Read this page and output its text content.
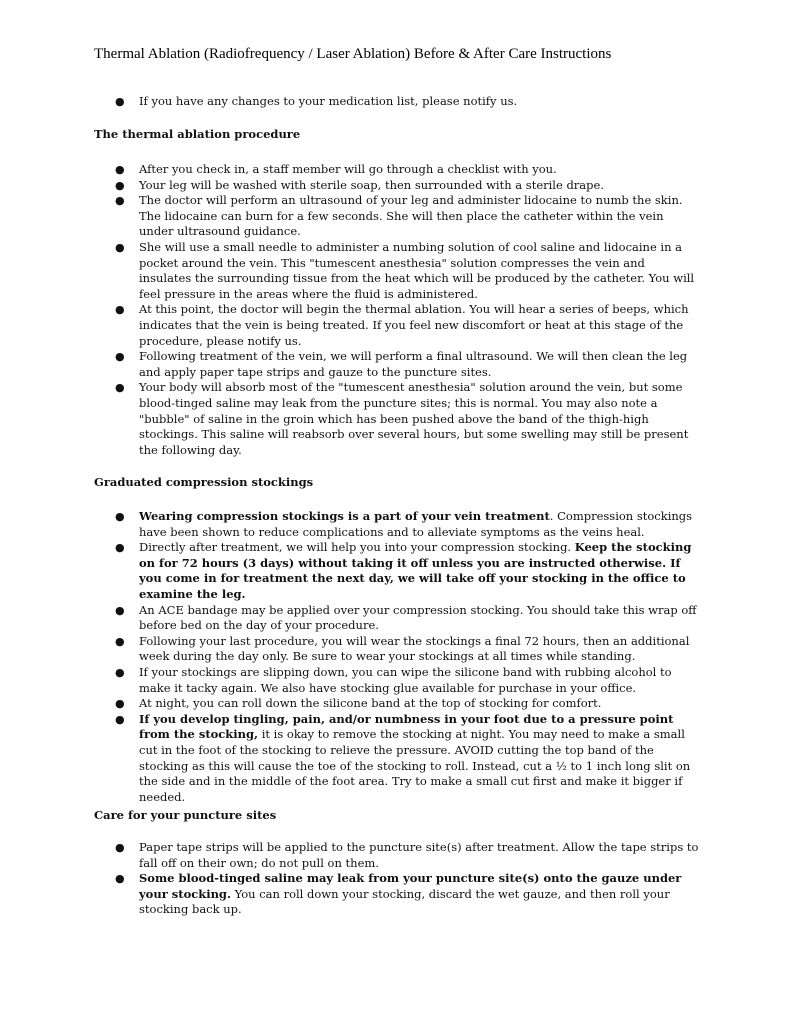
Thermal Ablation (Radiofrequency / Laser Ablation) Before & After Care Instructions
● If you have any changes to your medication list, please notify us.
The thermal ablation procedure
● After you check in, a staff member will go through a checklist with you.
● Your leg will be washed with sterile soap, then surrounded with a sterile drape.
● The doctor will perform an ultrasound of your leg and administer lidocaine to numb the skin. The lidocaine can burn for a few seconds. She will then place the catheter within the vein under ultrasound guidance.
● She will use a small needle to administer a numbing solution of cool saline and lidocaine in a pocket around the vein. This "tumescent anesthesia" solution compresses the vein and insulates the surrounding tissue from the heat which will be produced by the catheter. You will feel pressure in the areas where the fluid is administered.
● At this point, the doctor will begin the thermal ablation. You will hear a series of beeps, which indicates that the vein is being treated. If you feel new discomfort or heat at this stage of the procedure, please notify us.
● Following treatment of the vein, we will perform a final ultrasound. We will then clean the leg and apply paper tape strips and gauze to the puncture sites.
● Your body will absorb most of the "tumescent anesthesia" solution around the vein, but some blood-tinged saline may leak from the puncture sites; this is normal. You may also note a "bubble" of saline in the groin which has been pushed above the band of the thigh-high stockings. This saline will reabsorb over several hours, but some swelling may still be present the following day.
Graduated compression stockings
● Wearing compression stockings is a part of your vein treatment. Compression stockings have been shown to reduce complications and to alleviate symptoms as the veins heal.
● Directly after treatment, we will help you into your compression stocking. Keep the stocking on for 72 hours (3 days) without taking it off unless you are instructed otherwise. If you come in for treatment the next day, we will take off your stocking in the office to examine the leg.
● An ACE bandage may be applied over your compression stocking. You should take this wrap off before bed on the day of your procedure.
● Following your last procedure, you will wear the stockings a final 72 hours, then an additional week during the day only. Be sure to wear your stockings at all times while standing.
● If your stockings are slipping down, you can wipe the silicone band with rubbing alcohol to make it tacky again. We also have stocking glue available for purchase in your office.
● At night, you can roll down the silicone band at the top of stocking for comfort.
● If you develop tingling, pain, and/or numbness in your foot due to a pressure point from the stocking, it is okay to remove the stocking at night. You may need to make a small cut in the foot of the stocking to relieve the pressure. AVOID cutting the top band of the stocking as this will cause the toe of the stocking to roll. Instead, cut a ½ to 1 inch long slit on the side and in the middle of the foot area. Try to make a small cut first and make it bigger if needed.
Care for your puncture sites
● Paper tape strips will be applied to the puncture site(s) after treatment. Allow the tape strips to fall off on their own; do not pull on them.
● Some blood-tinged saline may leak from your puncture site(s) onto the gauze under your stocking. You can roll down your stocking, discard the wet gauze, and then roll your stocking back up.
